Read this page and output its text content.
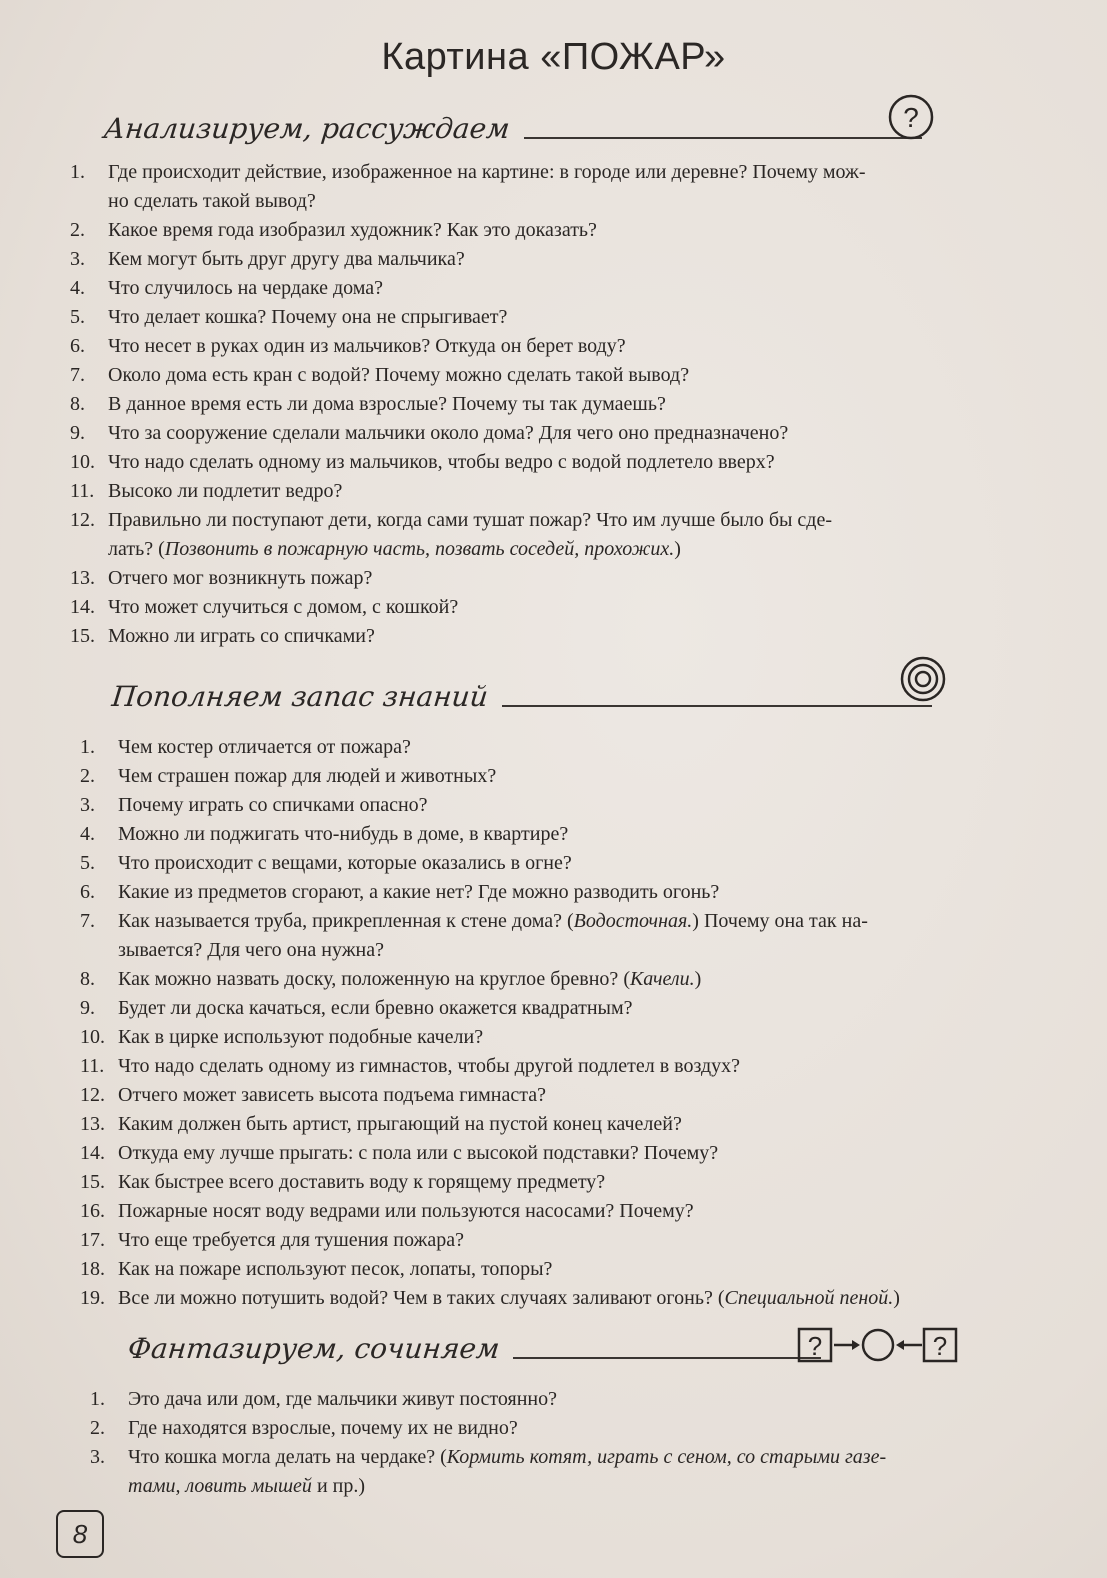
Картина «ПОЖАР»
Анализируем, рассуждаем	?
1.	Где происходит действие, изображенное на картине: в городе или деревне? Почему мож-
но сделать такой вывод?
2.	Какое время года изобразил художник? Как это доказать?
3.	Кем могут быть друг другу два мальчика?
4.	Что случилось на чердаке дома?
5.	Что делает кошка? Почему она не спрыгивает?
6.	Что несет в руках один из мальчиков? Откуда он берет воду?
7.	Около дома есть кран с водой? Почему можно сделать такой вывод?
8.	В данное время есть ли дома взрослые? Почему ты так думаешь?
9.	Что за сооружение сделали мальчики около дома? Для чего оно предназначено?
10. Что надо сделать одному из мальчиков, чтобы ведро с водой подлетело вверх?
11. Высоко ли подлетит ведро?
12. Правильно ли поступают дети, когда сами тушат пожар? Что им лучше было бы сде-
лать? (Позвонить в пожарную часть, позвать соседей, прохожих.)
13. Отчего мог возникнуть пожар?
14. Что может случиться с домом, с кошкой?
15. Можно ли играть со спичками?
Пополняем запас знаний
1.	Чем костер отличается от пожара?
2.	Чем страшен пожар для людей и животных?
3.	Почему играть со спичками опасно?
4.	Можно ли поджигать что-нибудь в доме, в квартире?
5.	Что происходит с вещами, которые оказались в огне?
6.	Какие из предметов сгорают, а какие нет? Где можно разводить огонь?
7.	Как называется труба, прикрепленная к стене дома? (Водосточная.) Почему она так на-
зывается? Для чего она нужна?
8.	Как можно назвать доску, положенную на круглое бревно? (Качели.)
9.	Будет ли доска качаться, если бревно окажется квадратным?
10. Как в цирке используют подобные качели?
11. Что надо сделать одному из гимнастов, чтобы другой подлетел в воздух?
12. Отчего может зависеть высота подъема гимнаста?
13. Каким должен быть артист, прыгающий на пустой конец качелей?
14. Откуда ему лучше прыгать: с пола или с высокой подставки? Почему?
15. Как быстрее всего доставить воду к горящему предмету?
16. Пожарные носят воду ведрами или пользуются насосами? Почему?
17. Что еще требуется для тушения пожара?
18. Как на пожаре используют песок, лопаты, топоры?
19. Все ли можно потушить водой? Чем в таких случаях заливают огонь? (Специальной пеной.)
Фантазируем, сочиняем	?	?
1.	Это дача или дом, где мальчики живут постоянно?
2.	Где находятся взрослые, почему их не видно?
3.	Что кошка могла делать на чердаке? (Кормить котят, играть с сеном, со старыми газе-
тами, ловить мышей и пр.)
8
